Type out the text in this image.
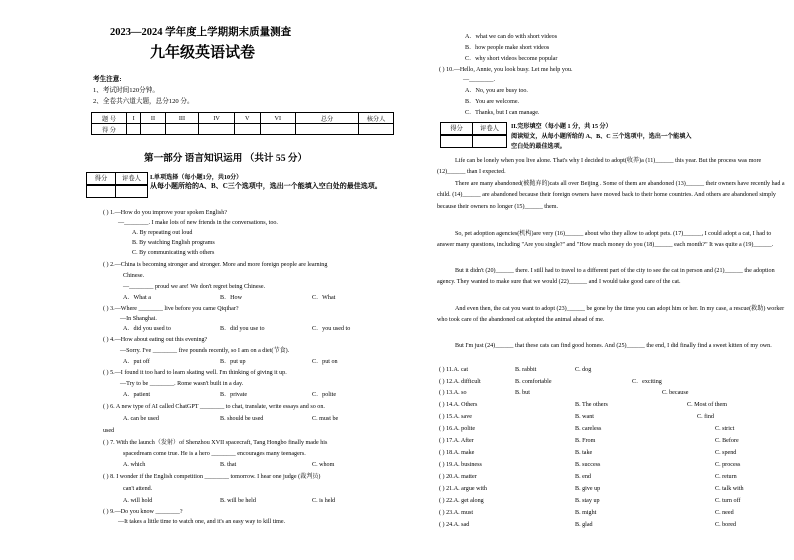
2023—2024 学年度上学期期末质量测查
九年级英语试卷
考生注意:
1、考试时间120分钟。
2、全卷共六道大题，总分120 分。
题 号	I	II	III	IV	V	VI	总分	核分人
得 分								
第一部分 语言知识运用 （共计 55 分）
得分	评卷人	I.单项选择（每小题1分，共10分）
从每小题所给的A、B、C三个选项中，选出一个能填入空白处的最佳选项。
( ) 1.—How do you improve your spoken English?
—________. I make lots of new friends in the conversations, too.
A. By repeating out loud
B. By watching English programs
C. By communicating with others
( ) 2.—China is becoming stronger and stronger. More and more foreign people are learning
Chinese.
—________ proud we are! We don't regret being Chinese.
A．What a	B．How	C．What
( ) 3.—Where ________ live before you came Qiqihar?
—In Shanghai.
A．did you used to	B．did you use to	C．you used to
( ) 4.—How about eating out this evening?
—Sorry. I've ________ five pounds recently, so I am on a diet(节食).
A．put off	B．put up	C．put on
( ) 5.—I found it too hard to learn skating well. I'm thinking of giving it up.
—Try to be ________. Rome wasn't built in a day.
A．patient	B．private	C．polite
( ) 6. A new type of AI called ChatGPT ________ to chat, translate, write essays and so on.
A. can be used	B. should be used	C. must be
used
( ) 7. With the launch（发射）of Shenzhou XVII spacecraft, Tang Hongbo finally made his
spacedream come true. He is a hero ________ encourages many teenagers.
A. which	B. that	C. whom
( ) 8. I wonder if the English competition ________ tomorrow. I hear one judge (裁判员)
can't attend.
A. will hold	B. will be held	C. is held
( ) 9.—Do you know ________?
—It takes a little time to watch one, and it's an easy way to kill time.
A．what we can do with short videos
B．how people make short videos
C．why short videos become popular
( ) 10.—Hello, Annie, you look busy. Let me help you.
—________.
A．No, you are busy too.
B．You are welcome.
C．Thanks, but I can manage.
得分	评卷人	II.完形填空（每小题 1 分，共 15 分）
阅读短文，从每小题所给的 A、B、C 三个选项中，选出一个能填入
空白处的最佳选项。
Life can be lonely when you live alone. That's why I decided to adopt(收养)a (11)______ this year. But the process was more (12)______ than I expected.
There are many abandoned(被抛弃的)cats all over Beijing . Some of them are abandoned (13)______ their owners have recently had a child. (14)______ are abandoned because their foreign owners have moved back to their home countries. And others are abandoned simply because their owners no longer (15)______ them.
So, pet adoption agencies(机构)are very (16)______ about who they allow to adopt pets. (17)______, I could adopt a cat, I had to answer many questions, including "Are you single?" and "How much money do you (18)______ each month?" It was quite a (19)______.
But it didn't (20)______ there. I still had to travel to a different part of the city to see the cat in person and (21)______ the adoption agency. They wanted to make sure that we would (22)______ and I would take good care of the cat.
And even then, the cat you want to adopt (23)______ be gone by the time you can adopt him or her. In my case, a rescue(救助) worker who took care of the abandoned cat adopted the animal ahead of me.
But I'm just (24)______ that these cats can find good homes. And (25)______ the end, I did finally find a sweet kitten of my own.
( ) 11.A. cat	B. rabbit	C. dog
( ) 12.A. difficult	B. comfortable	C．exciting
( ) 13.A. so	B. but	C. because
( ) 14.A. Others	B. The others	C. Most of them
( ) 15.A. save	B. want	C. find
( ) 16.A. polite	B. careless	C. strict
( ) 17.A. After	B. From	C. Before
( ) 18.A. make	B. take	C. spend
( ) 19.A. business	B. success	C. process
( ) 20.A. matter	B. end	C. return
( ) 21.A. argue with	B. give up	C. talk with
( ) 22.A. get along	B. stay up	C. turn off
( ) 23.A. must	B. might	C. need
( ) 24.A. sad	B. glad	C. bored
